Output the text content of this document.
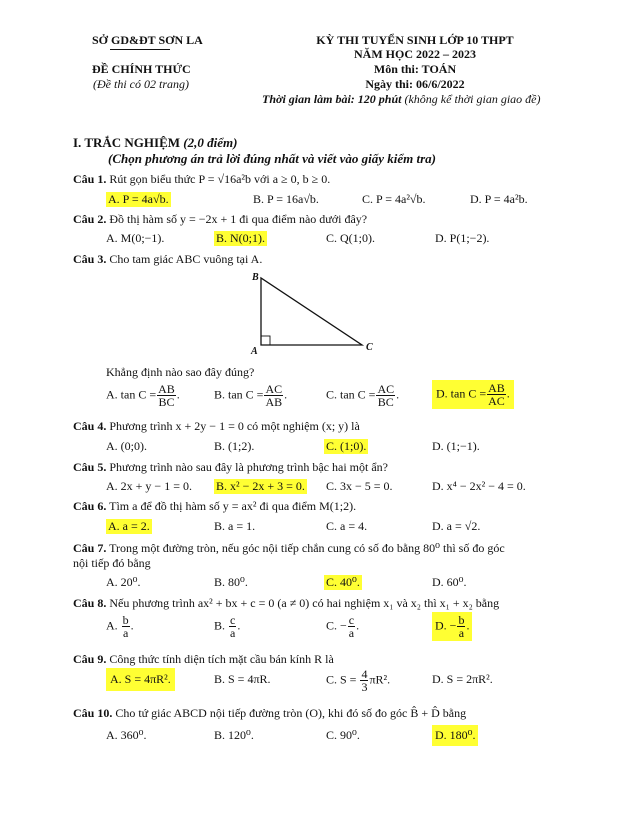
SỞ GD&ĐT SƠN LA
ĐỀ CHÍNH THỨC
(Đề thi có 02 trang)
KỲ THI TUYỂN SINH LỚP 10 THPT
NĂM HỌC 2022 – 2023
Môn thi: TOÁN
Ngày thi: 06/6/2022
Thời gian làm bài: 120 phút (không kể thời gian giao đề)
I. TRẮC NGHIỆM (2,0 điểm)
(Chọn phương án trả lời đúng nhất và viết vào giấy kiểm tra)
Câu 1. Rút gọn biểu thức P = √16a²b với a ≥ 0, b ≥ 0.
A. P = 4a√b.	B. P = 16a√b.	C. P = 4a²√b.	D. P = 4a²b.
Câu 2. Đồ thị hàm số y = −2x + 1 đi qua điểm nào dưới đây?
A. M(0;−1).	B. N(0;1).	C. Q(1;0).	D. P(1;−2).
Câu 3. Cho tam giác ABC vuông tại A.
B
A	C
Khẳng định nào sao đây đúng?
A. $\tan C = \frac{AB}{BC}$ .	B. $\tan C = \frac{AC}{AB}$ .	C. $\tan C = \frac{AC}{BC}$ .	D. $\tan C = \frac{AB}{AC}$ .
Câu 4. Phương trình x + 2y − 1 = 0 có một nghiệm (x; y) là
A. (0;0).	B. (1;2).	C. (1;0).	D. (1;−1).
Câu 5. Phương trình nào sau đây là phương trình bậc hai một ẩn?
A. 2x + y − 1 = 0. B. x² − 2x + 3 = 0. C. 3x − 5 = 0.	D. x⁴ − 2x² − 4 = 0.
Câu 6. Tìm a để đồ thị hàm số y = ax² đi qua điểm M(1;2).
A. a = 2.	B. a = 1.	C. a = 4.	D. a = √2.
Câu 7. Trong một đường tròn, nếu góc nội tiếp chắn cung có số đo bằng 80⁰ thì số đo góc
nội tiếp đó bằng
A. 20⁰.	B. 80⁰.	C. 40⁰.	D. 60⁰.
Câu 8. Nếu phương trình ax² + bx + c = 0 (a ≠ 0) có hai nghiệm x₁ và x₂ thì x₁ + x₂ bằng
A. $\frac{b}{a}$ .	B. $\frac{c}{a}$ .	C. − $\frac{c}{a}$ .	D. − $\frac{b}{a}$ .
Câu 9. Công thức tính diện tích mặt cầu bán kính R là
A. S = 4πR².	B. S = 4πR.	C. $S = \frac{4}{3} \pi R^2$.	D. S = 2πR².
Câu 10. Cho tứ giác ABCD nội tiếp đường tròn (O), khi đó số đo góc B̂ + D̂ bằng
A. 360⁰.	B. 120⁰.	C. 90⁰.	D. 180⁰.
